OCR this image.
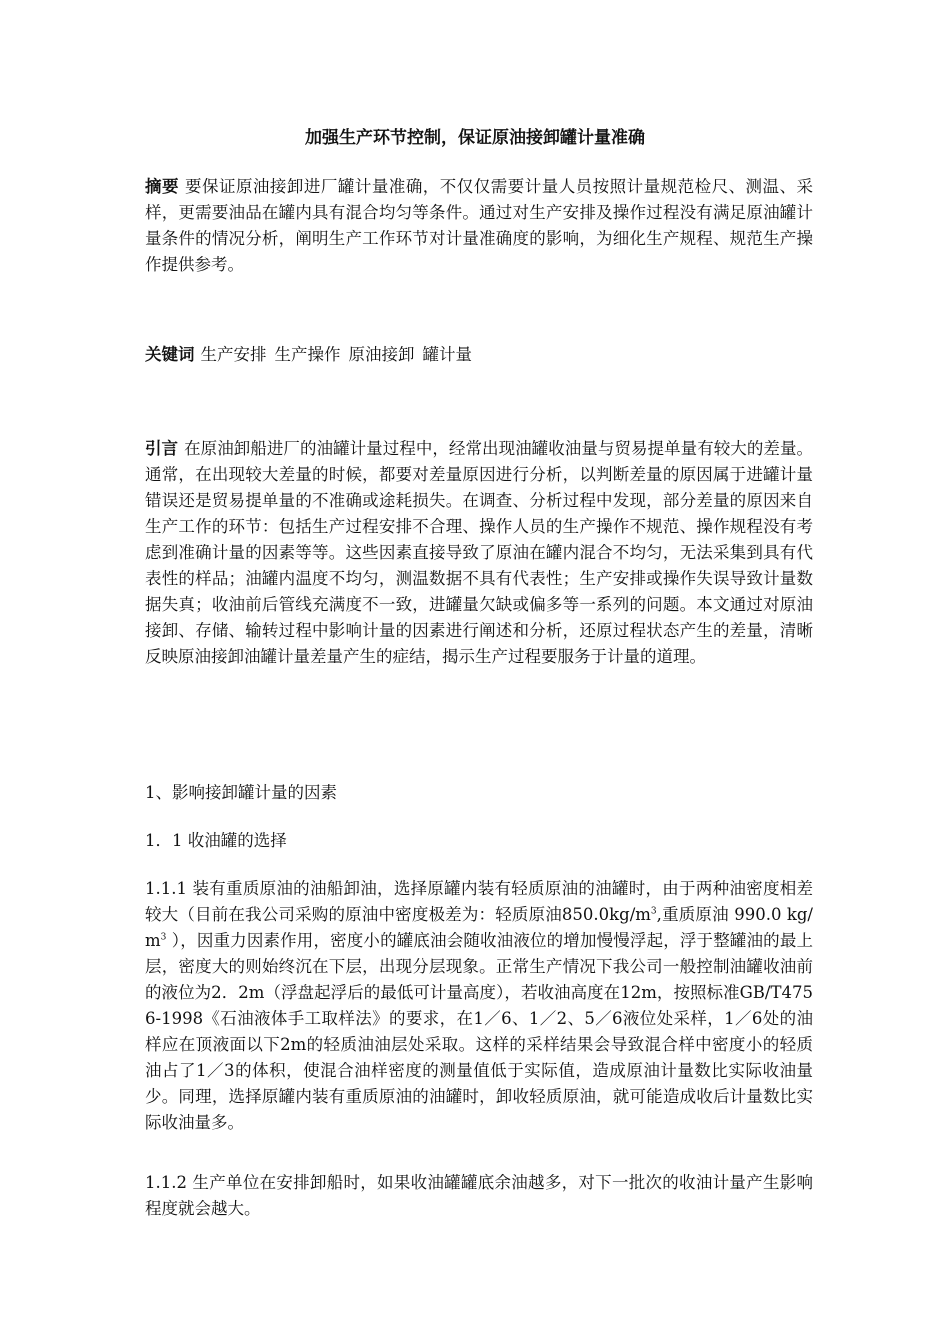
加强生产环节控制，保证原油接卸罐计量准确

摘要 要保证原油接卸进厂罐计量准确，不仅仅需要计量人员按照计量规范检尺、测温、采样，更需要油品在罐内具有混合均匀等条件。通过对生产安排及操作过程没有满足原油罐计量条件的情况分析，阐明生产工作环节对计量准确度的影响，为细化生产规程、规范生产操作提供参考。

关键词 生产安排 生产操作 原油接卸 罐计量

引言 在原油卸船进厂的油罐计量过程中，经常出现油罐收油量与贸易提单量有较大的差量。通常，在出现较大差量的时候，都要对差量原因进行分析，以判断差量的原因属于进罐计量错误还是贸易提单量的不准确或途耗损失。在调查、分析过程中发现，部分差量的原因来自生产工作的环节：包括生产过程安排不合理、操作人员的生产操作不规范、操作规程没有考虑到准确计量的因素等等。这些因素直接导致了原油在罐内混合不均匀，无法采集到具有代表性的样品；油罐内温度不均匀，测温数据不具有代表性；生产安排或操作失误导致计量数据失真；收油前后管线充满度不一致，进罐量欠缺或偏多等一系列的问题。本文通过对原油接卸、存储、输转过程中影响计量的因素进行阐述和分析，还原过程状态产生的差量，清晰反映原油接卸油罐计量差量产生的症结，揭示生产过程要服务于计量的道理。

1、影响接卸罐计量的因素

1．1 收油罐的选择

1.1.1 装有重质原油的油船卸油，选择原罐内装有轻质原油的油罐时，由于两种油密度相差较大（目前在我公司采购的原油中密度极差为：轻质原油$850.0kg/m^3$,重质原油 990.0 $kg/m^3$ ），因重力因素作用，密度小的罐底油会随收油液位的增加慢慢浮起，浮于整罐油的最上层，密度大的则始终沉在下层，出现分层现象。正常生产情况下我公司一般控制油罐收油前的液位为2．2m（浮盘起浮后的最低可计量高度），若收油高度在12m，按照标准GB/T4756-1998《石油液体手工取样法》的要求，在1／6、1／2、5／6液位处采样，1／6处的油样应在顶液面以下2m的轻质油油层处采取。这样的采样结果会导致混合样中密度小的轻质油占了1／3的体积，使混合油样密度的测量值低于实际值，造成原油计量数比实际收油量少。同理，选择原罐内装有重质原油的油罐时，卸收轻质原油，就可能造成收后计量数比实际收油量多。

1.1.2 生产单位在安排卸船时，如果收油罐罐底余油越多，对下一批次的收油计量产生影响程度就会越大。
